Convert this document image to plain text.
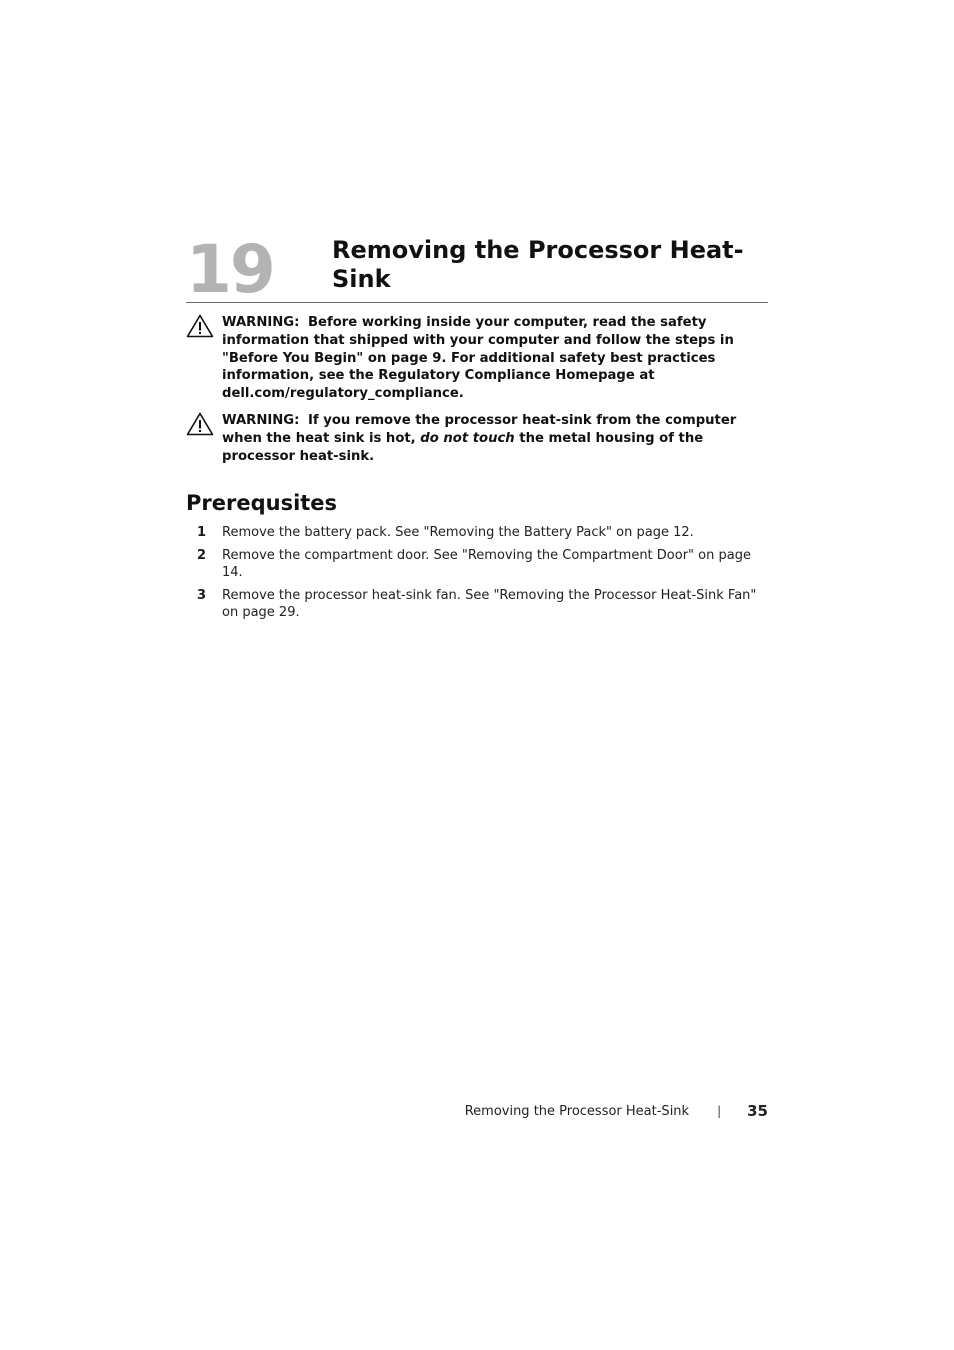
19 Removing the Processor Heat-Sink
WARNING: Before working inside your computer, read the safety information that shipped with your computer and follow the steps in "Before You Begin" on page 9. For additional safety best practices information, see the Regulatory Compliance Homepage at dell.com/regulatory_compliance.
WARNING: If you remove the processor heat-sink from the computer when the heat sink is hot, do not touch the metal housing of the processor heat-sink.
Prerequsites
1 Remove the battery pack. See "Removing the Battery Pack" on page 12.
2 Remove the compartment door. See "Removing the Compartment Door" on page 14.
3 Remove the processor heat-sink fan. See "Removing the Processor Heat-Sink Fan" on page 29.
Removing the Processor Heat-Sink | 35
